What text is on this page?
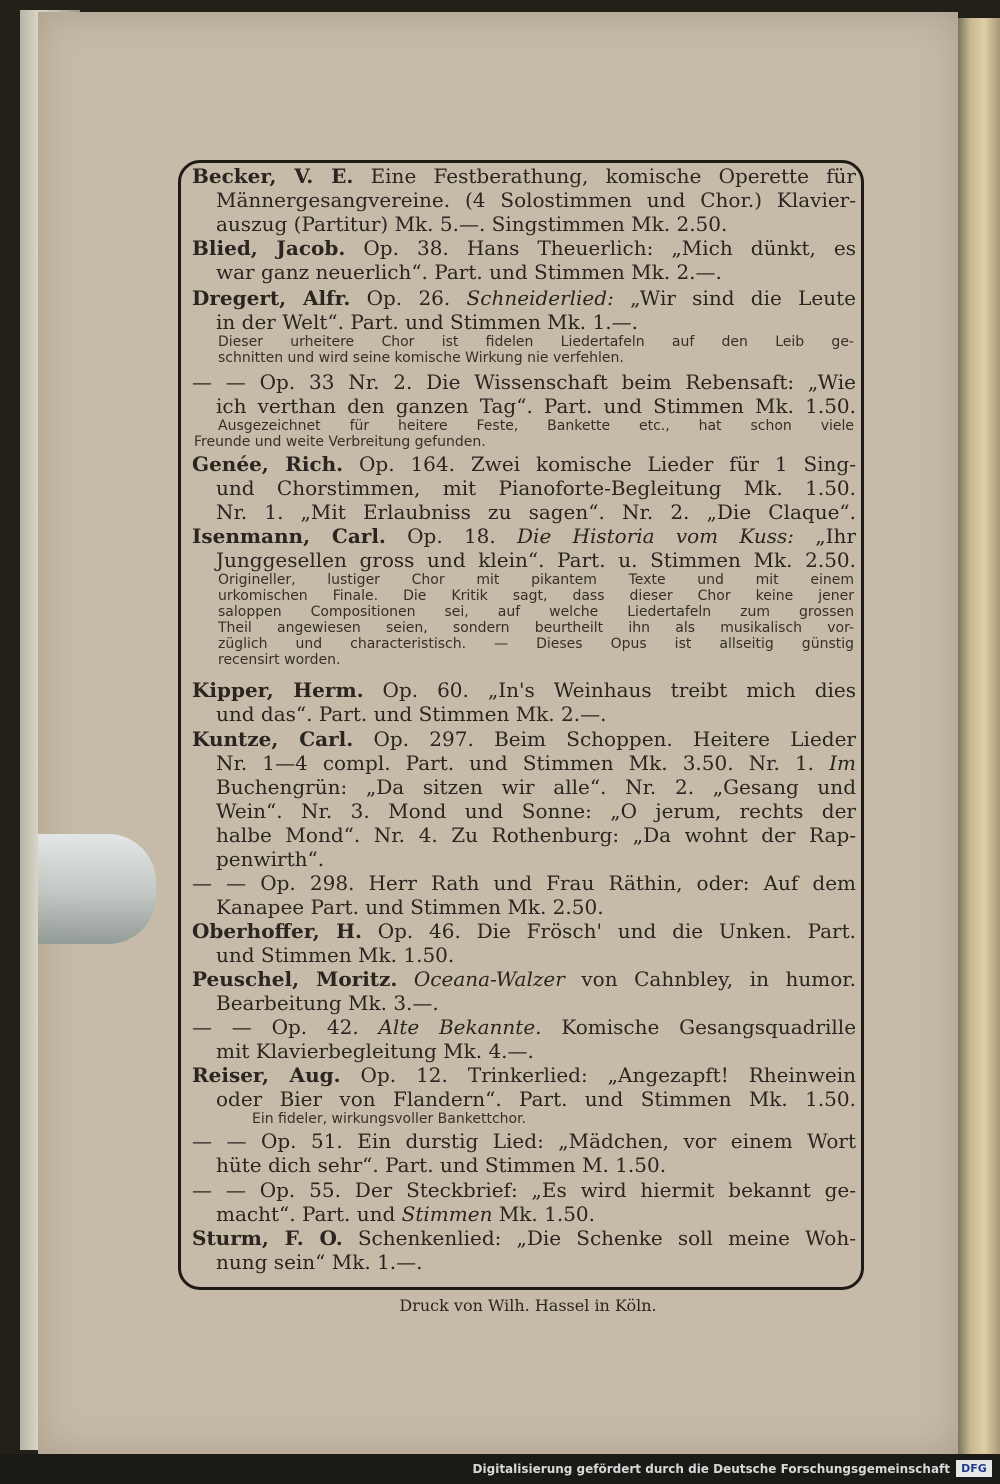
Becker, V. E. Eine Festberathung, komische Operette für
Männergesangvereine. (4 Solostimmen und Chor.) Klavier-
auszug (Partitur) Mk. 5.—. Singstimmen Mk. 2.50.
Blied, Jacob. Op. 38. Hans Theuerlich: „Mich dünkt, es
war ganz neuerlich“. Part. und Stimmen Mk. 2.—.
Dregert, Alfr. Op. 26. Schneiderlied: „Wir sind die Leute
in der Welt“. Part. und Stimmen Mk. 1.—.
Dieser urheitere Chor ist fidelen Liedertafeln auf den Leib ge-
schnitten und wird seine komische Wirkung nie verfehlen.
— — Op. 33 Nr. 2. Die Wissenschaft beim Rebensaft: „Wie
ich verthan den ganzen Tag“. Part. und Stimmen Mk. 1.50.
Ausgezeichnet für heitere Feste, Bankette etc., hat schon viele
Freunde und weite Verbreitung gefunden.
Genée, Rich. Op. 164. Zwei komische Lieder für 1 Sing-
und Chorstimmen, mit Pianoforte-Begleitung Mk. 1.50.
Nr. 1. „Mit Erlaubniss zu sagen“. Nr. 2. „Die Claque“.
Isenmann, Carl. Op. 18. Die Historia vom Kuss: „Ihr
Junggesellen gross und klein“. Part. u. Stimmen Mk. 2.50.
Origineller, lustiger Chor mit pikantem Texte und mit einem
urkomischen Finale. Die Kritik sagt, dass dieser Chor keine jener
saloppen Compositionen sei, auf welche Liedertafeln zum grossen
Theil angewiesen seien, sondern beurtheilt ihn als musikalisch vor-
züglich und characteristisch. — Dieses Opus ist allseitig günstig
recensirt worden.
Kipper, Herm. Op. 60. „In's Weinhaus treibt mich dies
und das“. Part. und Stimmen Mk. 2.—.
Kuntze, Carl. Op. 297. Beim Schoppen. Heitere Lieder
Nr. 1—4 compl. Part. und Stimmen Mk. 3.50. Nr. 1. Im
Buchengrün: „Da sitzen wir alle“. Nr. 2. „Gesang und
Wein“. Nr. 3. Mond und Sonne: „O jerum, rechts der
halbe Mond“. Nr. 4. Zu Rothenburg: „Da wohnt der Rap-
penwirth“.
— — Op. 298. Herr Rath und Frau Räthin, oder: Auf dem
Kanapee Part. und Stimmen Mk. 2.50.
Oberhoffer, H. Op. 46. Die Frösch' und die Unken. Part.
und Stimmen Mk. 1.50.
Peuschel, Moritz. Oceana-Walzer von Cahnbley, in humor.
Bearbeitung Mk. 3.—.
— — Op. 42. Alte Bekannte. Komische Gesangsquadrille
mit Klavierbegleitung Mk. 4.—.
Reiser, Aug. Op. 12. Trinkerlied: „Angezapft! Rheinwein
oder Bier von Flandern“. Part. und Stimmen Mk. 1.50.
Ein fideler, wirkungsvoller Bankettchor.
— — Op. 51. Ein durstig Lied: „Mädchen, vor einem Wort
hüte dich sehr“. Part. und Stimmen M. 1.50.
— — Op. 55. Der Steckbrief: „Es wird hiermit bekannt ge-
macht“. Part. und Stimmen Mk. 1.50.
Sturm, F. O. Schenkenlied: „Die Schenke soll meine Woh-
nung sein“ Mk. 1.—.
Druck von Wilh. Hassel in Köln.
Digitalisierung gefördert durch die Deutsche Forschungsgemeinschaft	DFG
